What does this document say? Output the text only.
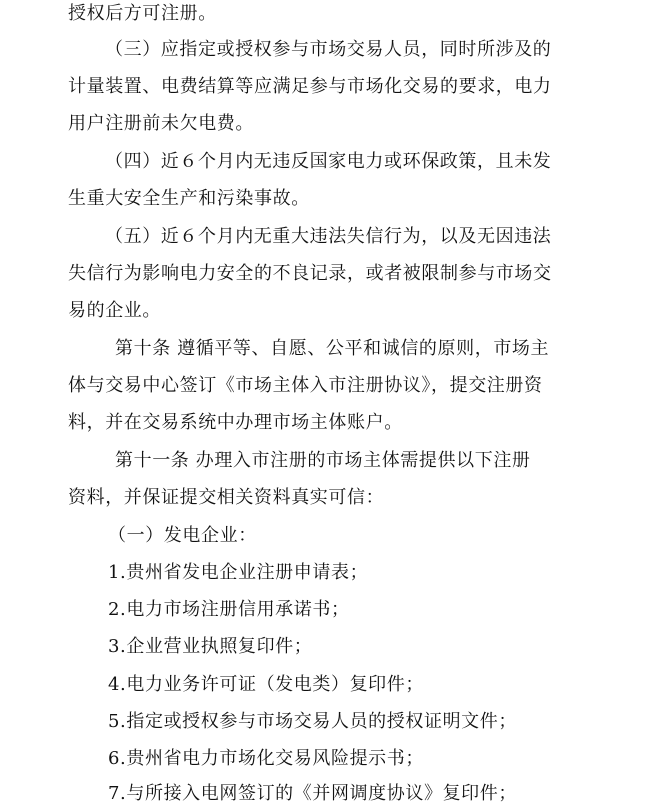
授权后方可注册。
（三）应指定或授权参与市场交易人员，同时所涉及的
计量装置、电费结算等应满足参与市场化交易的要求，电力
用户注册前未欠电费。
（四）近６个月内无违反国家电力或环保政策，且未发
生重大安全生产和污染事故。
（五）近６个月内无重大违法失信行为，以及无因违法
失信行为影响电力安全的不良记录，或者被限制参与市场交
易的企业。
第十条 遵循平等、自愿、公平和诚信的原则，市场主
体与交易中心签订《市场主体入市注册协议》，提交注册资
料，并在交易系统中办理市场主体账户。
第十一条 办理入市注册的市场主体需提供以下注册
资料，并保证提交相关资料真实可信：
（一）发电企业：
1.贵州省发电企业注册申请表；
2.电力市场注册信用承诺书；
3.企业营业执照复印件；
4.电力业务许可证（发电类）复印件；
5.指定或授权参与市场交易人员的授权证明文件；
6.贵州省电力市场化交易风险提示书；
7.与所接入电网签订的《并网调度协议》复印件；
